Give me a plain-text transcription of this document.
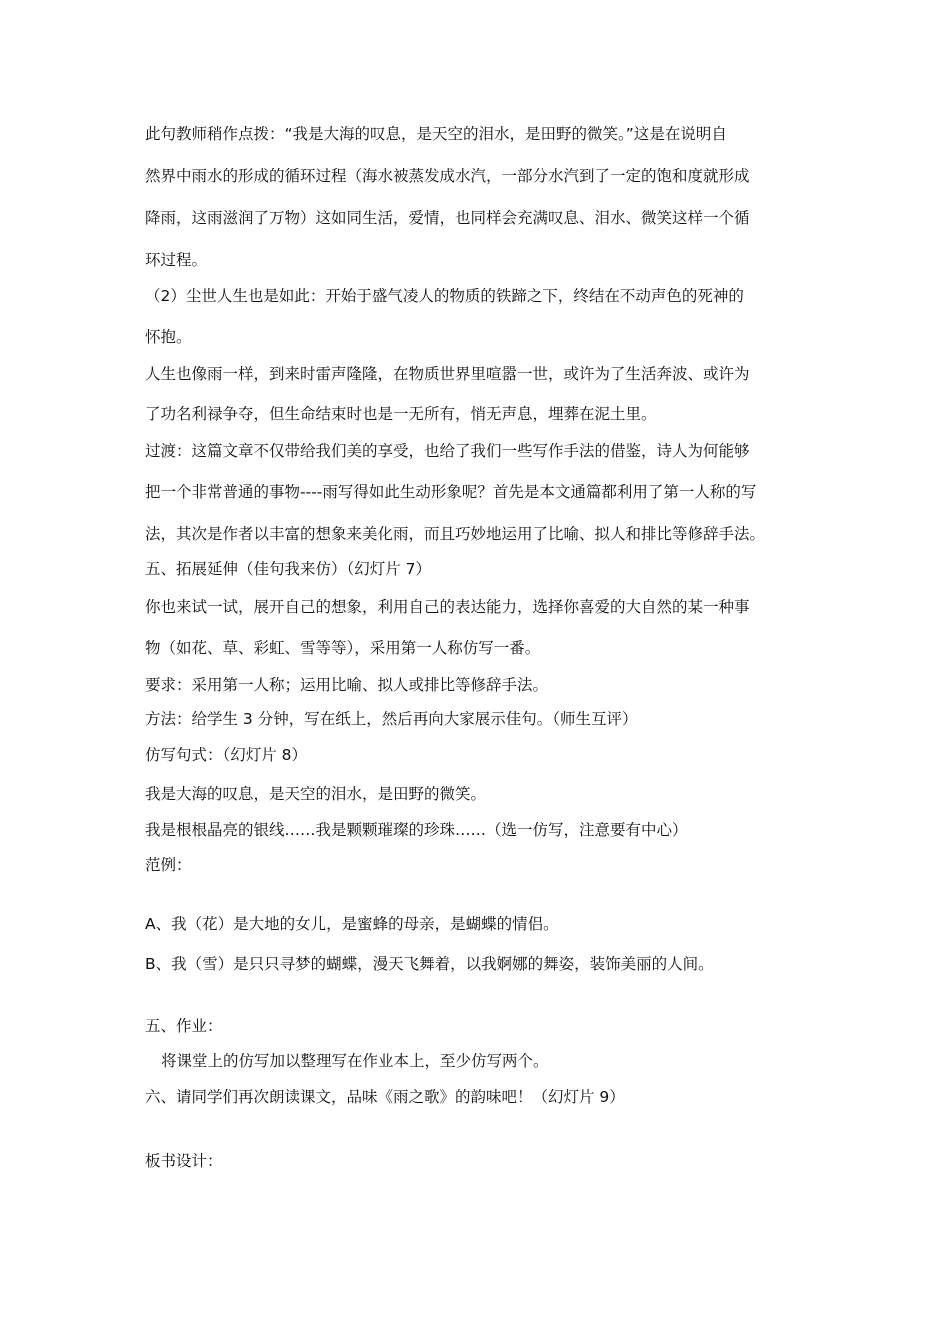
此句教师稍作点拨：“我是大海的叹息，是天空的泪水，是田野的微笑。”这是在说明自
然界中雨水的形成的循环过程（海水被蒸发成水汽，一部分水汽到了一定的饱和度就形成
降雨，这雨滋润了万物）这如同生活，爱情，也同样会充满叹息、泪水、微笑这样一个循
环过程。
（2）尘世人生也是如此：开始于盛气凌人的物质的铁蹄之下，终结在不动声色的死神的
怀抱。
人生也像雨一样，到来时雷声隆隆，在物质世界里喧嚣一世，或许为了生活奔波、或许为
了功名利禄争夺，但生命结束时也是一无所有，悄无声息，埋葬在泥土里。
过渡：这篇文章不仅带给我们美的享受，也给了我们一些写作手法的借鉴，诗人为何能够
把一个非常普通的事物----雨写得如此生动形象呢？首先是本文通篇都利用了第一人称的写
法，其次是作者以丰富的想象来美化雨，而且巧妙地运用了比喻、拟人和排比等修辞手法。
五、拓展延伸（佳句我来仿）（幻灯片 7）
你也来试一试，展开自己的想象，利用自己的表达能力，选择你喜爱的大自然的某一种事
物（如花、草、彩虹、雪等等），采用第一人称仿写一番。
要求：采用第一人称；运用比喻、拟人或排比等修辞手法。
方法：给学生 3 分钟，写在纸上，然后再向大家展示佳句。（师生互评）
仿写句式：（幻灯片 8）
我是大海的叹息，是天空的泪水，是田野的微笑。
我是根根晶亮的银线……我是颗颗璀璨的珍珠……（选一仿写，注意要有中心）
范例：
A、我（花）是大地的女儿，是蜜蜂的母亲，是蝴蝶的情侣。
B、我（雪）是只只寻梦的蝴蝶，漫天飞舞着，以我婀娜的舞姿，装饰美丽的人间。
五、作业：
将课堂上的仿写加以整理写在作业本上，至少仿写两个。
六、请同学们再次朗读课文，品味《雨之歌》的韵味吧！（幻灯片 9）
板书设计：
